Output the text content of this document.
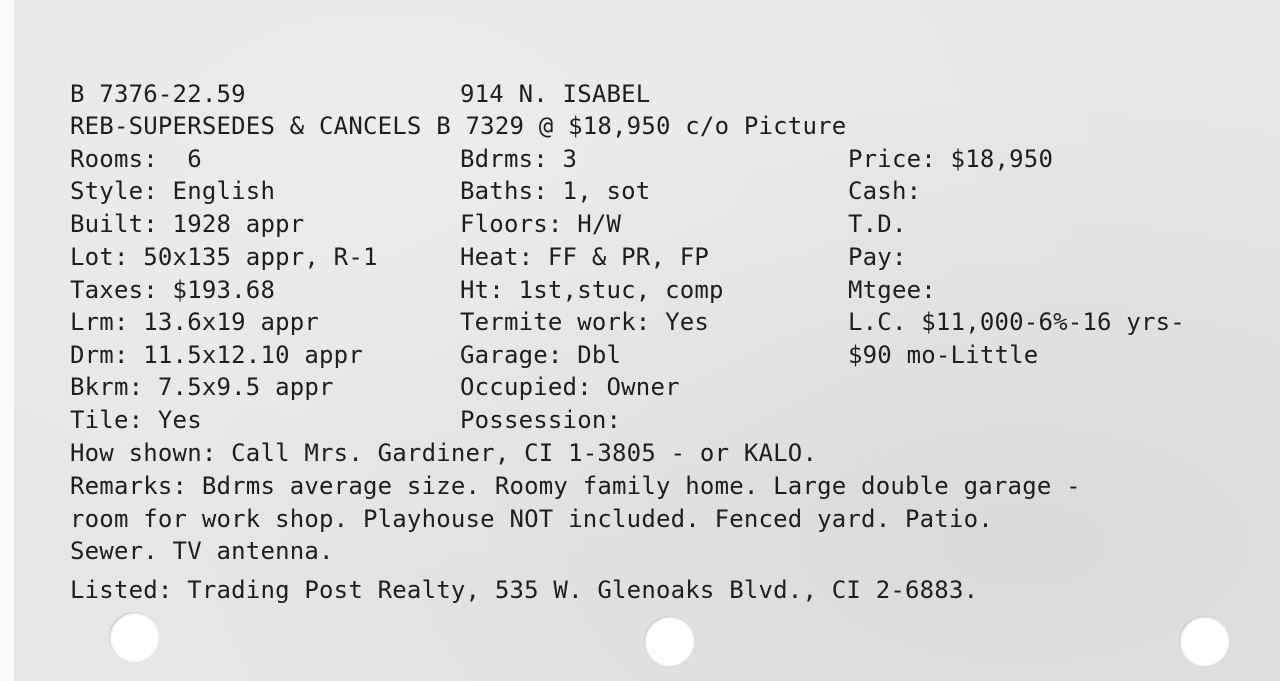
B 7376-22.59	914 N. ISABEL
REB-SUPERSEDES & CANCELS B 7329 @ $18,950 c/o Picture
Rooms:  6
Style: English
Built: 1928 appr
Lot: 50x135 appr, R-1
Taxes: $193.68
Lrm: 13.6x19 appr
Drm: 11.5x12.10 appr
Bkrm: 7.5x9.5 appr
Tile: Yes
Bdrms: 3
Baths: 1, sot
Floors: H/W
Heat: FF & PR, FP
Ht: 1st,stuc, comp
Termite work: Yes
Garage: Dbl
Occupied: Owner
Possession:
Price: $18,950
Cash:
T.D.
Pay:
Mtgee:
L.C. $11,000-6%-16 yrs-
$90 mo-Little
How shown: Call Mrs. Gardiner, CI 1-3805 - or KALO.
Remarks: Bdrms average size. Roomy family home. Large double garage -
room for work shop. Playhouse NOT included. Fenced yard. Patio.
Sewer. TV antenna.
Listed: Trading Post Realty, 535 W. Glenoaks Blvd., CI 2-6883.
